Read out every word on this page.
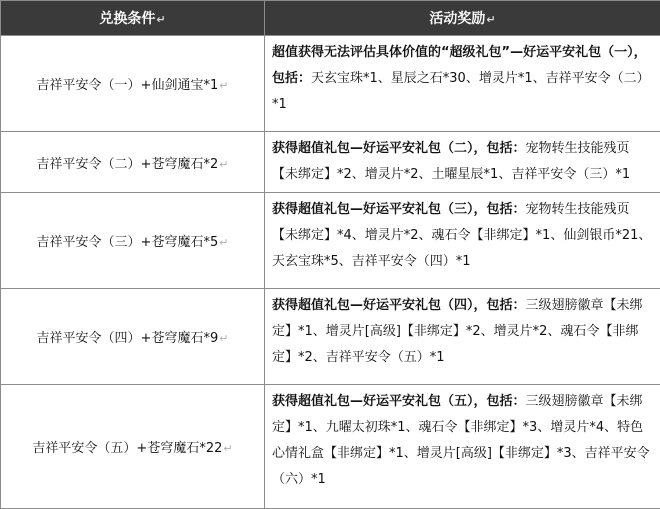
兑换条件↵	活动奖励↵
吉祥平安令（一）+仙剑通宝*1↵	超值获得无法评估具体价值的“超级礼包”—好运平安礼包（一），包括：天玄宝珠*1、星辰之石*30、增灵片*1、吉祥平安令（二）*1
吉祥平安令（二）+苍穹魔石*2↵	获得超值礼包—好运平安礼包（二），包括：宠物转生技能残页【未绑定】*2、增灵片*2、土曜星辰*1、吉祥平安令（三）*1
吉祥平安令（三）+苍穹魔石*5↵	获得超值礼包—好运平安礼包（三），包括：宠物转生技能残页【未绑定】*4、增灵片*2、魂石令【非绑定】*1、仙剑银币*21、天玄宝珠*5、吉祥平安令（四）*1
吉祥平安令（四）+苍穹魔石*9↵	获得超值礼包—好运平安礼包（四），包括：三级翅膀徽章【未绑定】*1、增灵片[高级]【非绑定】*2、增灵片*2、魂石令【非绑定】*2、吉祥平安令（五）*1
吉祥平安令（五）+苍穹魔石*22↵	获得超值礼包—好运平安礼包（五），包括：三级翅膀徽章【未绑定】*1、九曜太初珠*1、魂石令【非绑定】*3、增灵片*4、特色心情礼盒【非绑定】*1、增灵片[高级]【非绑定】*3、吉祥平安令（六）*1
